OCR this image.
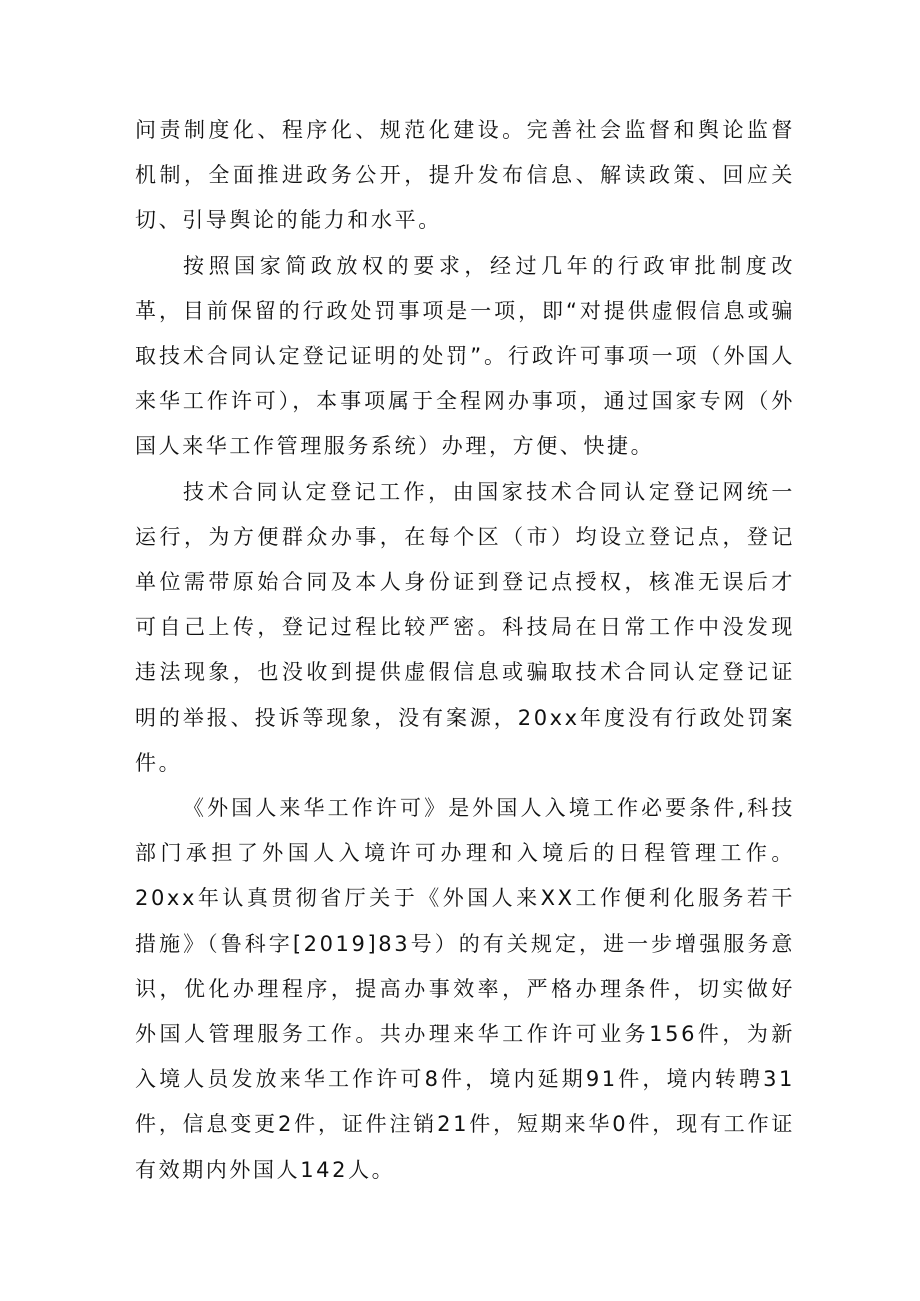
问责制度化、程序化、规范化建设。完善社会监督和舆论监督机制，全面推进政务公开，提升发布信息、解读政策、回应关切、引导舆论的能力和水平。

按照国家简政放权的要求，经过几年的行政审批制度改革，目前保留的行政处罚事项是一项，即“对提供虚假信息或骗取技术合同认定登记证明的处罚”。行政许可事项一项（外国人来华工作许可），本事项属于全程网办事项，通过国家专网（外国人来华工作管理服务系统）办理，方便、快捷。

技术合同认定登记工作，由国家技术合同认定登记网统一运行，为方便群众办事，在每个区（市）均设立登记点，登记单位需带原始合同及本人身份证到登记点授权，核准无误后才可自己上传，登记过程比较严密。科技局在日常工作中没发现违法现象，也没收到提供虚假信息或骗取技术合同认定登记证明的举报、投诉等现象，没有案源，20xx年度没有行政处罚案件。

《外国人来华工作许可》是外国人入境工作必要条件,科技部门承担了外国人入境许可办理和入境后的日程管理工作。20xx年认真贯彻省厅关于《外国人来XX工作便利化服务若干措施》（鲁科字[2019]83号）的有关规定，进一步增强服务意识，优化办理程序，提高办事效率，严格办理条件，切实做好外国人管理服务工作。共办理来华工作许可业务156件，为新入境人员发放来华工作许可8件，境内延期91件，境内转聘31件，信息变更2件，证件注销21件，短期来华0件，现有工作证有效期内外国人142人。
